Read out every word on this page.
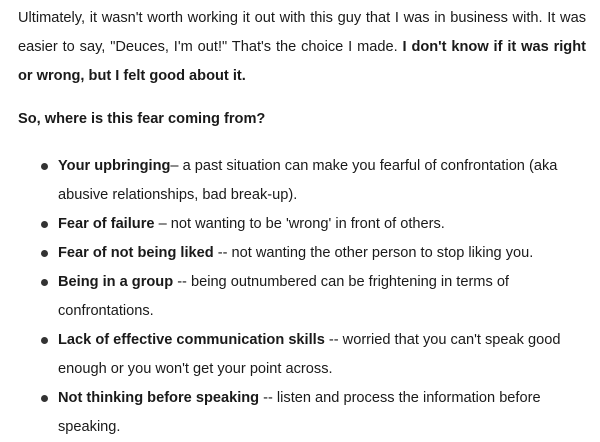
Ultimately, it wasn't worth working it out with this guy that I was in business with. It was easier to say, "Deuces, I'm out!" That's the choice I made. I don't know if it was right or wrong, but I felt good about it.

So, where is this fear coming from?

Your upbringing– a past situation can make you fearful of confrontation (aka abusive relationships, bad break-up).
Fear of failure – not wanting to be 'wrong' in front of others.
Fear of not being liked -- not wanting the other person to stop liking you.
Being in a group -- being outnumbered can be frightening in terms of confrontations.
Lack of effective communication skills -- worried that you can't speak good enough or you won't get your point across.
Not thinking before speaking -- listen and process the information before speaking.
